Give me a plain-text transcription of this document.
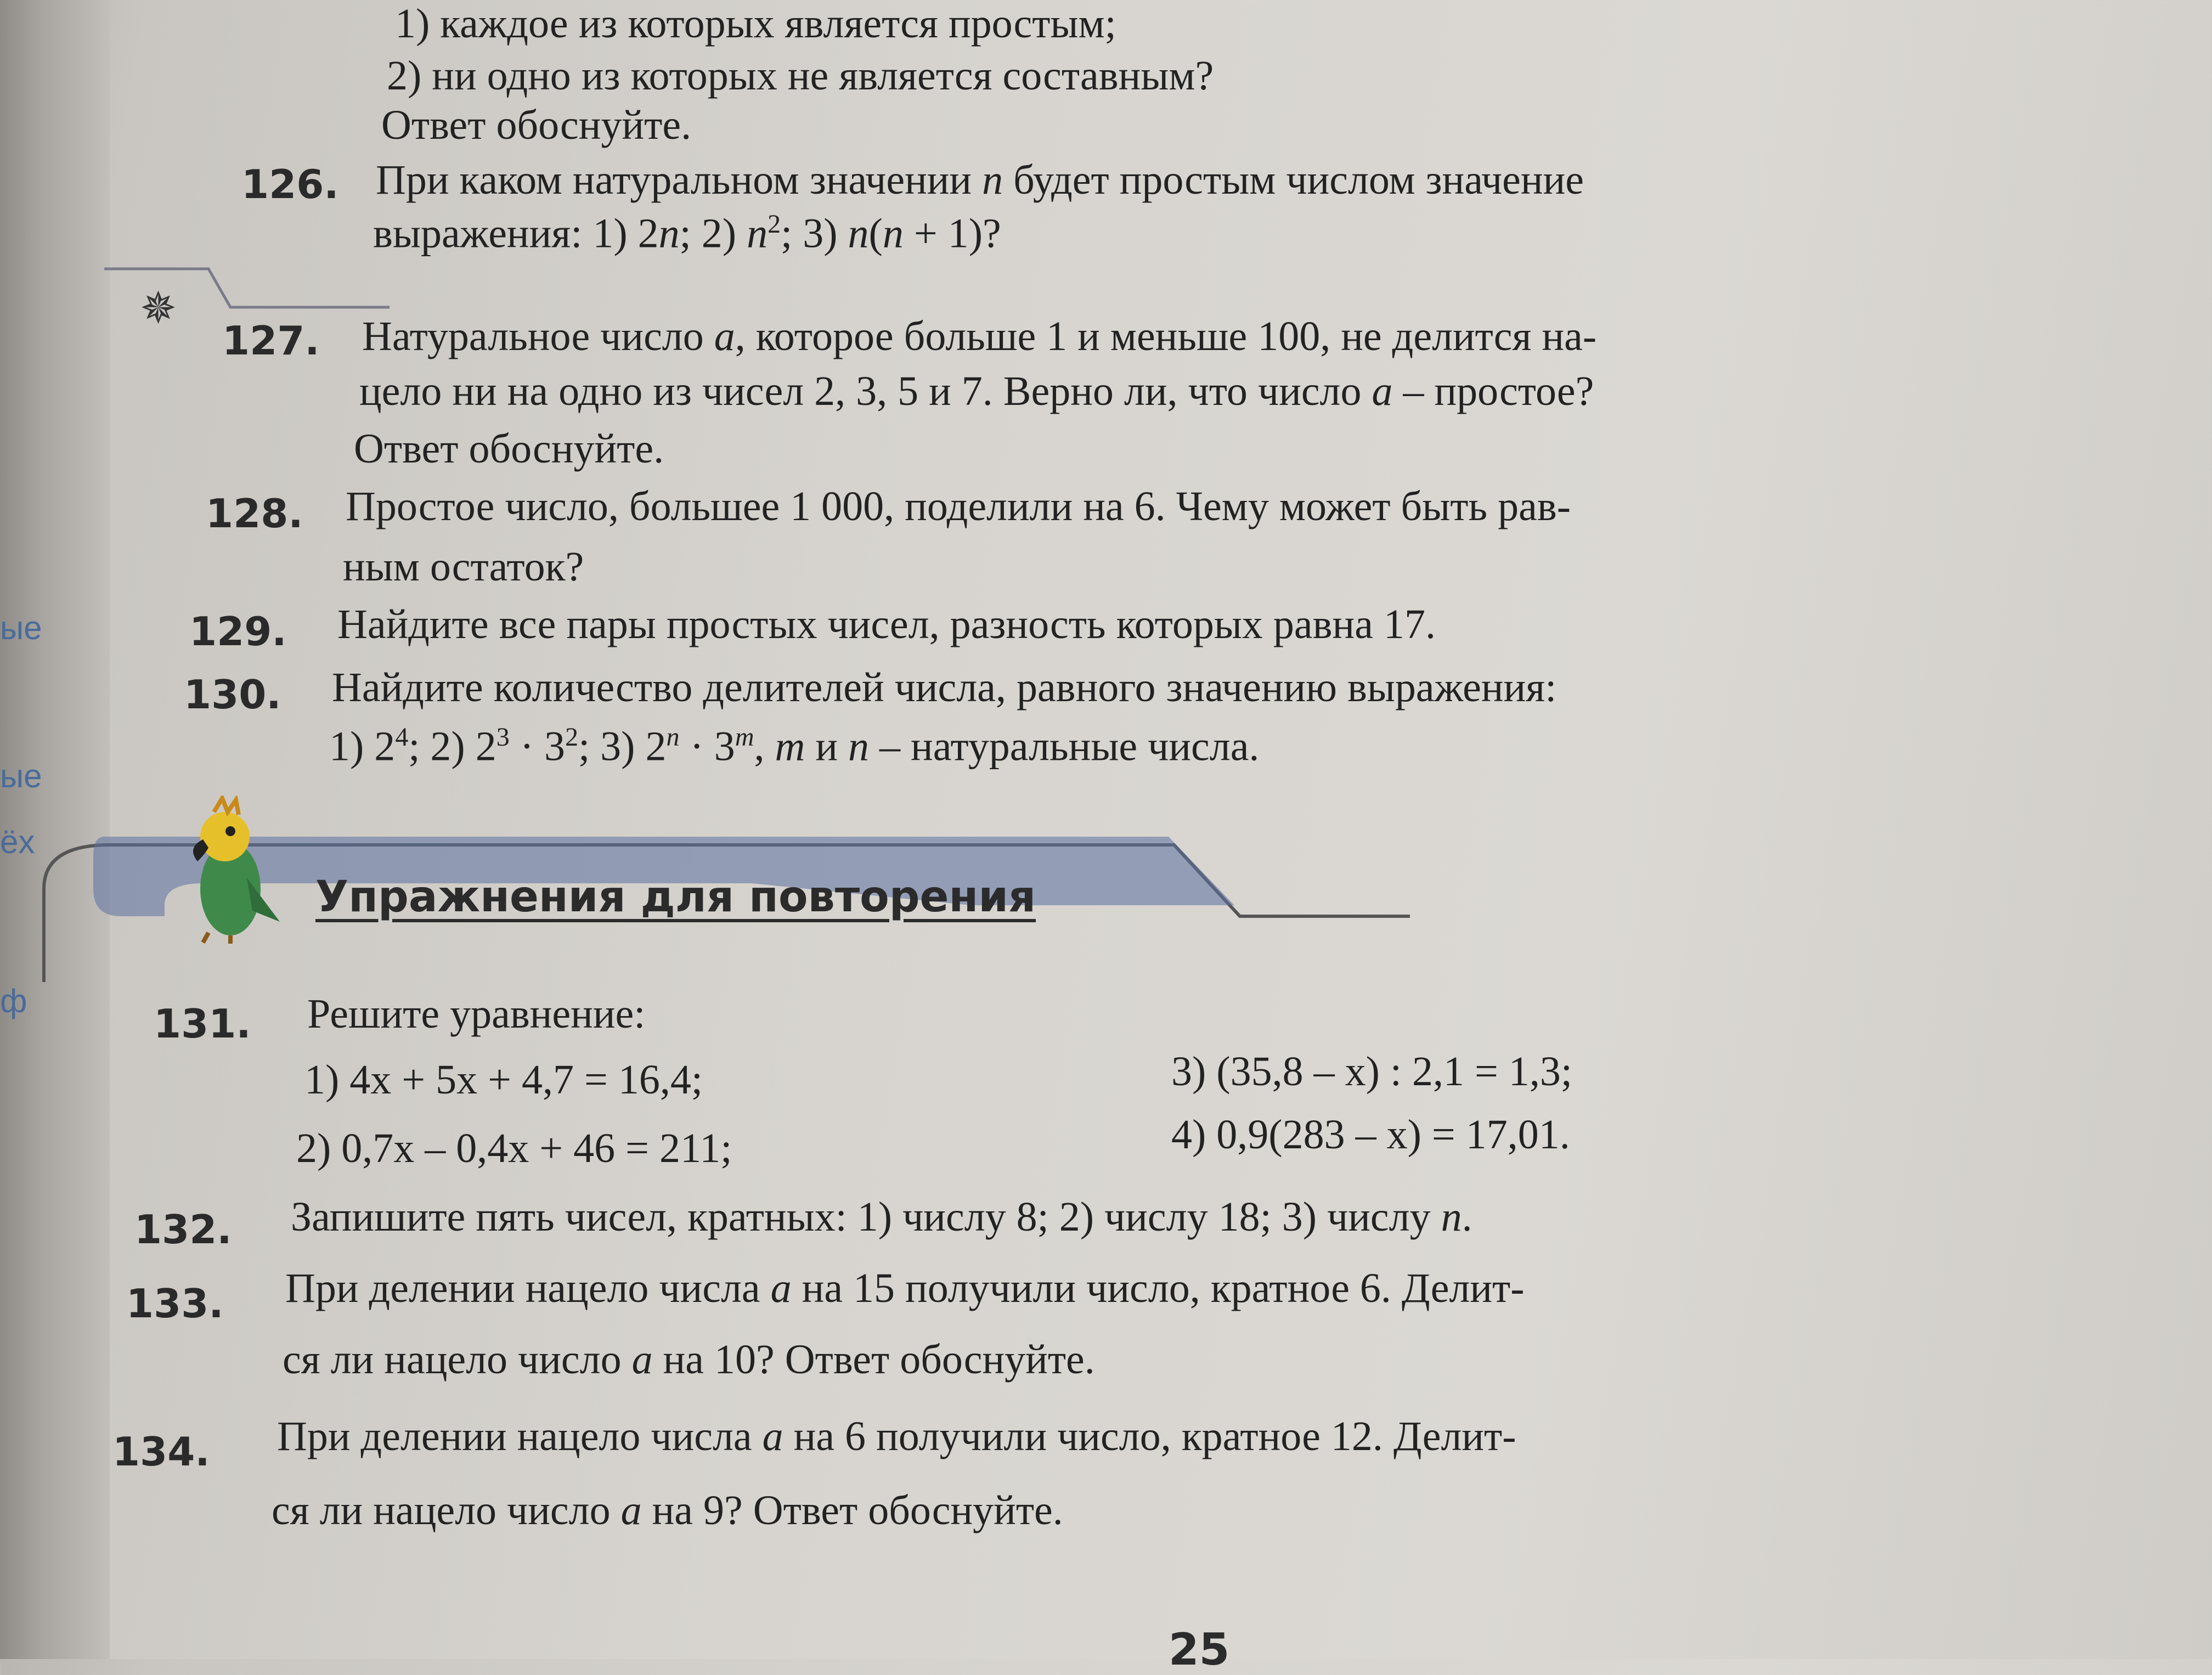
ые
ые
ёх
ф
✵
1) каждое из которых является простым;
2) ни одно из которых не является составным?
Ответ обоснуйте.
126. При каком натуральном значении n будет простым числом значение
выражения: 1) 2n; 2) $n^2$; 3) n(n + 1)?
127. Натуральное число a, которое больше 1 и меньше 100, не делится на-
цело ни на одно из чисел 2, 3, 5 и 7. Верно ли, что число a – простое?
Ответ обоснуйте.
128. Простое число, большее 1 000, поделили на 6. Чему может быть рав-
ным остаток?
129. Найдите все пары простых чисел, разность которых равна 17.
130. Найдите количество делителей числа, равного значению выражения:
1) $2^4$; 2) $2^3 \cdot 3^2$; 3) $2^n \cdot 3^m$, m и n – натуральные числа.
Упражнения для повторения
131. Решите уравнение:
1) 4x + 5x + 4,7 = 16,4;	3) (35,8 – x) : 2,1 = 1,3;
2) 0,7x – 0,4x + 46 = 211;	4) 0,9(283 – x) = 17,01.
132. Запишите пять чисел, кратных: 1) числу 8; 2) числу 18; 3) числу n.
133. При делении нацело числа a на 15 получили число, кратное 6. Делит-
ся ли нацело число a на 10? Ответ обоснуйте.
134. При делении нацело числа a на 6 получили число, кратное 12. Делит-
ся ли нацело число a на 9? Ответ обоснуйте.
25
